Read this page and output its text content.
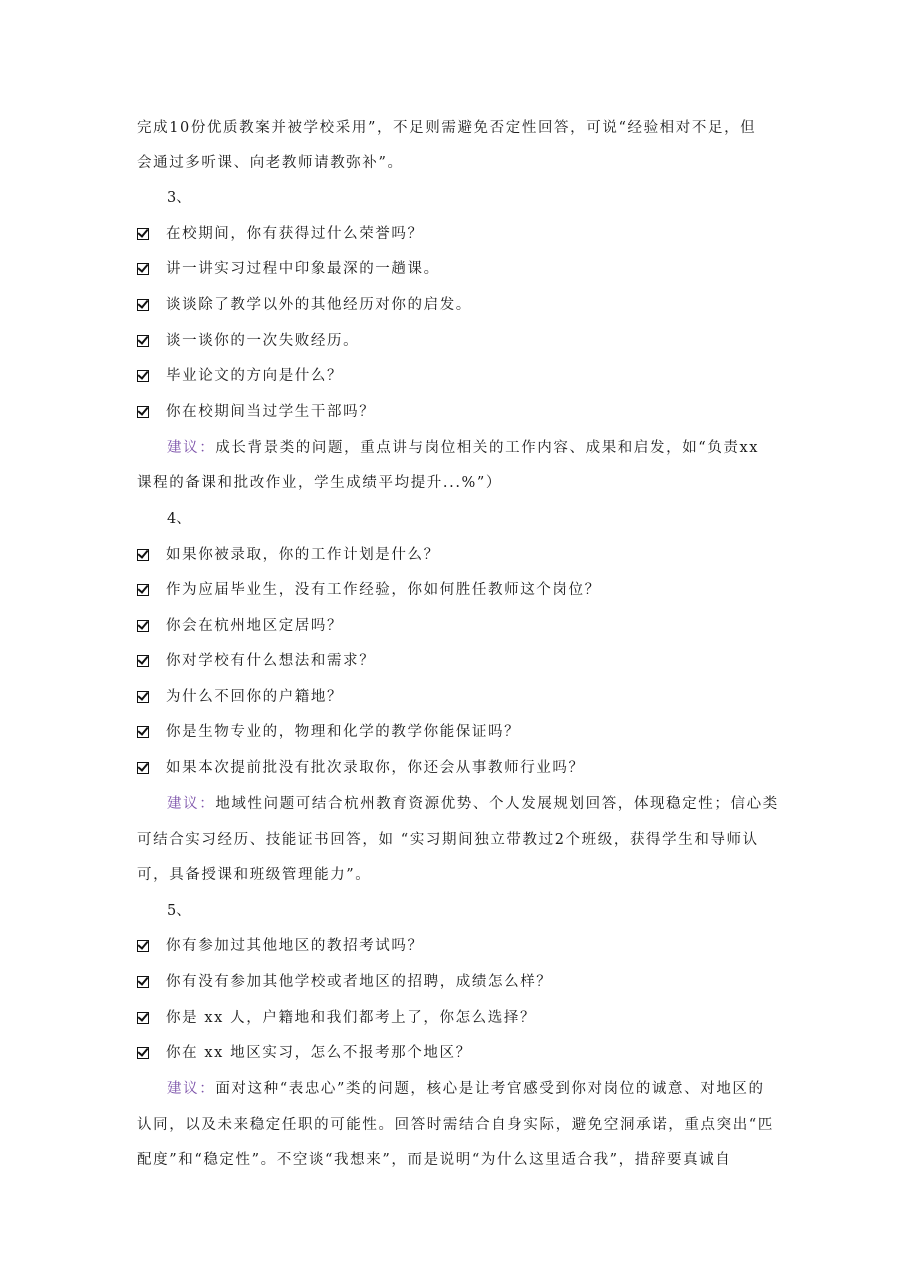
完成10份优质教案并被学校采用”，不足则需避免否定性回答，可说“经验相对不足，但
会通过多听课、向老教师请教弥补”。
3、
在校期间，你有获得过什么荣誉吗？
讲一讲实习过程中印象最深的一趟课。
谈谈除了教学以外的其他经历对你的启发。
谈一谈你的一次失败经历。
毕业论文的方向是什么？
你在校期间当过学生干部吗？
建议：成长背景类的问题，重点讲与岗位相关的工作内容、成果和启发，如“负责xx
课程的备课和批改作业，学生成绩平均提升...%”）
4、
如果你被录取，你的工作计划是什么？
作为应届毕业生，没有工作经验，你如何胜任教师这个岗位？
你会在杭州地区定居吗？
你对学校有什么想法和需求？
为什么不回你的户籍地？
你是生物专业的，物理和化学的教学你能保证吗？
如果本次提前批没有批次录取你，你还会从事教师行业吗？
建议：地域性问题可结合杭州教育资源优势、个人发展规划回答，体现稳定性；信心类
可结合实习经历、技能证书回答，如 “实习期间独立带教过2个班级，获得学生和导师认
可，具备授课和班级管理能力”。
5、
你有参加过其他地区的教招考试吗？
你有没有参加其他学校或者地区的招聘，成绩怎么样？
你是 xx 人，户籍地和我们都考上了，你怎么选择？
你在 xx 地区实习，怎么不报考那个地区？
建议：面对这种“表忠心”类的问题，核心是让考官感受到你对岗位的诚意、对地区的
认同，以及未来稳定任职的可能性。回答时需结合自身实际，避免空洞承诺，重点突出“匹
配度”和“稳定性”。不空谈“我想来”，而是说明“为什么这里适合我”，措辞要真诚自
